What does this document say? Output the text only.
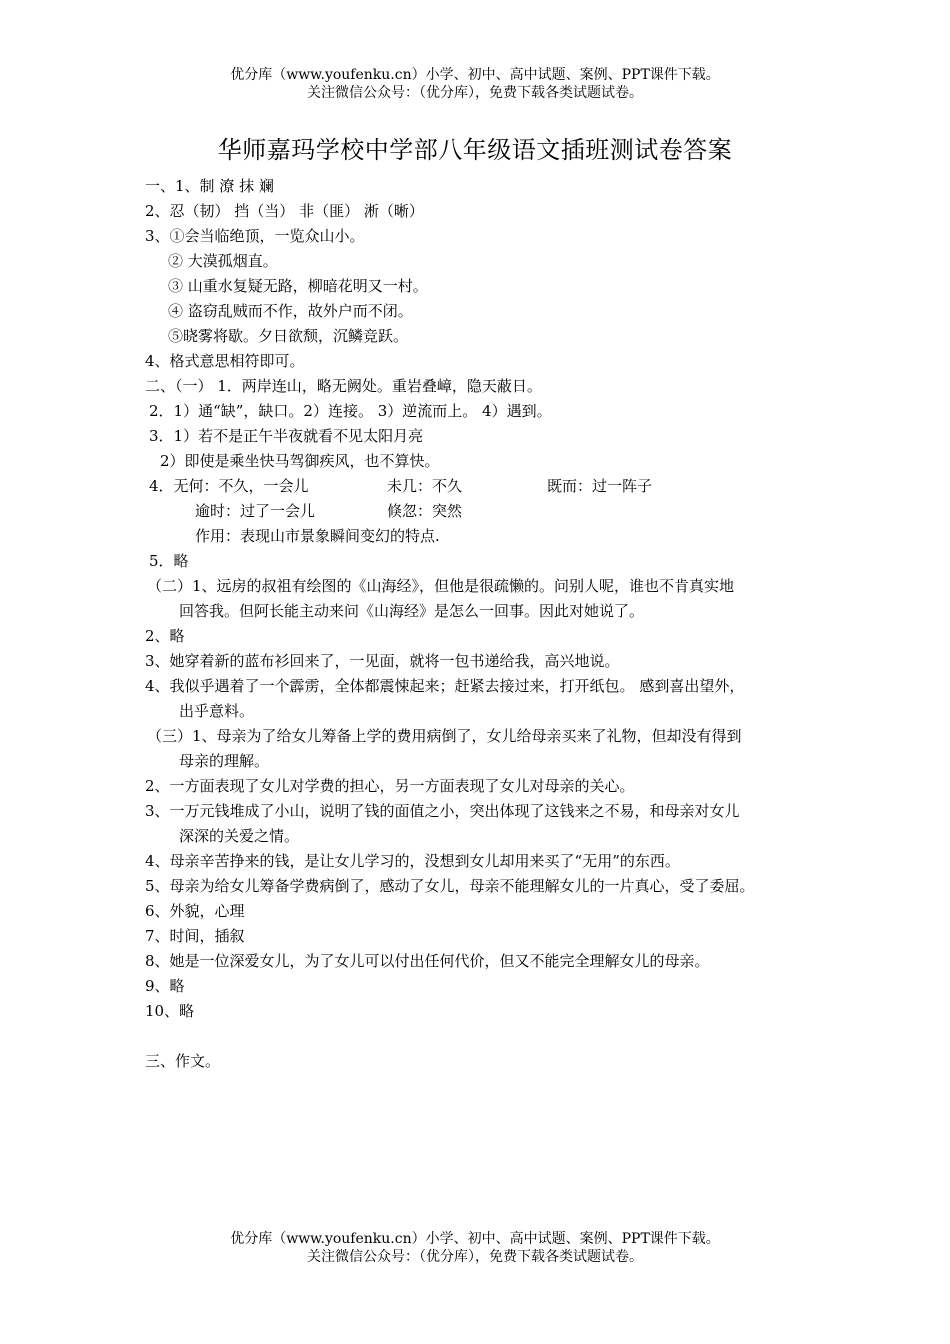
优分库（www.youfenku.cn）小学、初中、高中试题、案例、PPT课件下载。
关注微信公众号：（优分库），免费下载各类试题试卷。
华师嘉玛学校中学部八年级语文插班测试卷答案
一、1、制 潦 抹 斓
2、忍（韧） 挡（当） 非（匪） 淅（晰）
3、①会当临绝顶，一览众山小。
② 大漠孤烟直。
③ 山重水复疑无路，柳暗花明又一村。
④ 盗窃乱贼而不作，故外户而不闭。
⑤晓雾将歇。夕日欲颓，沉鳞竞跃。
4、格式意思相符即可。
二、（一） 1．两岸连山，略无阙处。重岩叠嶂，隐天蔽日。
2．1）通“缺”，缺口。2）连接。 3）逆流而上。 4）遇到。
3．1）若不是正午半夜就看不见太阳月亮
2）即使是乘坐快马驾御疾风，也不算快。
4．无何：不久，一会儿	未几：不久	既而：过一阵子
逾时：过了一会儿	倏忽：突然
作用：表现山市景象瞬间变幻的特点.
5．略
（二）1、远房的叔祖有绘图的《山海经》，但他是很疏懒的。问别人呢，谁也不肯真实地
回答我。但阿长能主动来问《山海经》是怎么一回事。因此对她说了。
2、略
3、她穿着新的蓝布衫回来了，一见面，就将一包书递给我，高兴地说。
4、我似乎遇着了一个霹雳，全体都震悚起来；赶紧去接过来，打开纸包。 感到喜出望外，
出乎意料。
（三）1、母亲为了给女儿筹备上学的费用病倒了，女儿给母亲买来了礼物，但却没有得到
母亲的理解。
2、一方面表现了女儿对学费的担心，另一方面表现了女儿对母亲的关心。
3、一万元钱堆成了小山，说明了钱的面值之小，突出体现了这钱来之不易，和母亲对女儿
深深的关爱之情。
4、母亲辛苦挣来的钱，是让女儿学习的，没想到女儿却用来买了“无用”的东西。
5、母亲为给女儿筹备学费病倒了，感动了女儿，母亲不能理解女儿的一片真心，受了委屈。
6、外貌，心理
7、时间，插叙
8、她是一位深爱女儿，为了女儿可以付出任何代价，但又不能完全理解女儿的母亲。
9、略
10、略
三、作文。
优分库（www.youfenku.cn）小学、初中、高中试题、案例、PPT课件下载。
关注微信公众号：（优分库），免费下载各类试题试卷。
